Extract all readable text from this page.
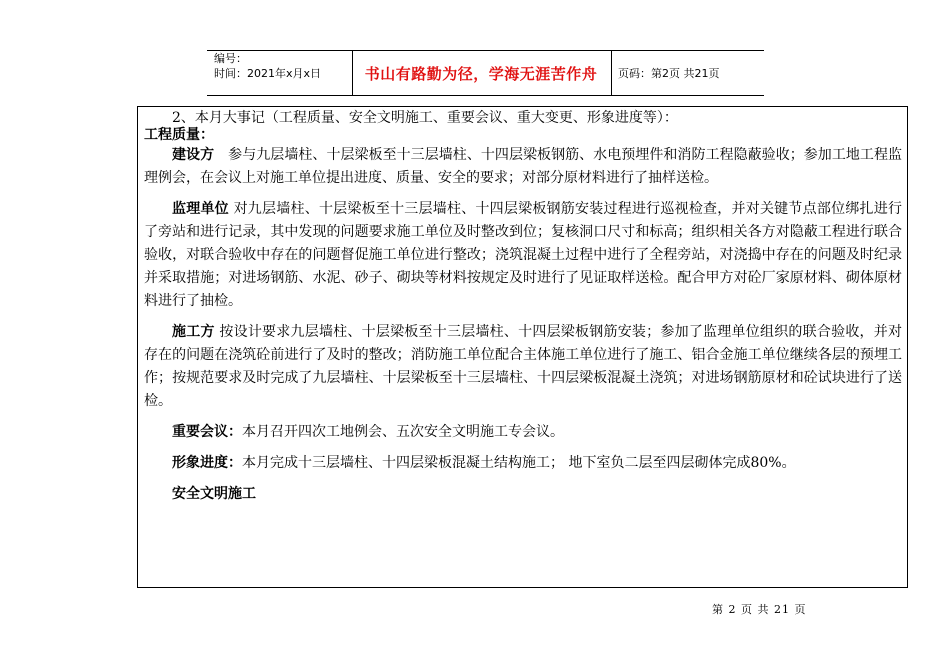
编号：
时间：2021年x月x日	书山有路勤为径，学海无涯苦作舟	页码：第2页 共21页

2、本月大事记（工程质量、安全文明施工、重要会议、重大变更、形象进度等）：

工程质量：

建设方　参与九层墙柱、十层梁板至十三层墙柱、十四层梁板钢筋、水电预埋件和消防工程隐蔽验收；参加工地工程监理例会，在会议上对施工单位提出进度、质量、安全的要求；对部分原材料进行了抽样送检。

监理单位 对九层墙柱、十层梁板至十三层墙柱、十四层梁板钢筋安装过程进行巡视检查，并对关键节点部位绑扎进行了旁站和进行记录，其中发现的问题要求施工单位及时整改到位；复核洞口尺寸和标高；组织相关各方对隐蔽工程进行联合验收，对联合验收中存在的问题督促施工单位进行整改；浇筑混凝土过程中进行了全程旁站，对浇捣中存在的问题及时纪录并采取措施；对进场钢筋、水泥、砂子、砌块等材料按规定及时进行了见证取样送检。配合甲方对砼厂家原材料、砌体原材料进行了抽检。

施工方 按设计要求九层墙柱、十层梁板至十三层墙柱、十四层梁板钢筋安装；参加了监理单位组织的联合验收，并对存在的问题在浇筑砼前进行了及时的整改；消防施工单位配合主体施工单位进行了施工、铝合金施工单位继续各层的预埋工作；按规范要求及时完成了九层墙柱、十层梁板至十三层墙柱、十四层梁板混凝土浇筑；对进场钢筋原材和砼试块进行了送检。

重要会议：本月召开四次工地例会、五次安全文明施工专会议。

形象进度：本月完成十三层墙柱、十四层梁板混凝土结构施工； 地下室负二层至四层砌体完成80%。

安全文明施工

第 2 页 共 21 页
